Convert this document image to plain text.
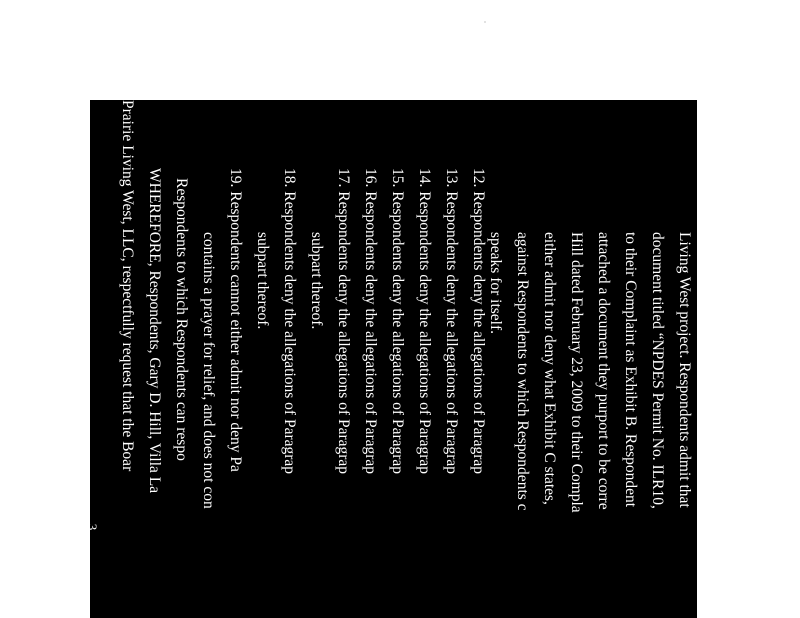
Living West project. Respondents admit that
document titled “NPDES Permit No. ILR10,
to their Complaint as Exhibit B. Respondent
attached a document they purport to be corre
Hill dated February 23, 2009 to their Compla
either admit nor deny what Exhibit C states,
against Respondents to which Respondents c
speaks for itself.
12. Respondents deny the allegations of Paragrap
13. Respondents deny the allegations of Paragrap
14. Respondents deny the allegations of Paragrap
15. Respondents deny the allegations of Paragrap
16. Respondents deny the allegations of Paragrap
17. Respondents deny the allegations of Paragrap
subpart thereof.
18. Respondents deny the allegations of Paragrap
subpart thereof.
19. Respondents cannot either admit nor deny Pa
contains a prayer for relief, and does not con
Respondents to which Respondents can respo
WHEREFORE, Respondents, Gary D. Hill, Villa La
Prairie Living West, LLC, respectfully request that the Boar
3
